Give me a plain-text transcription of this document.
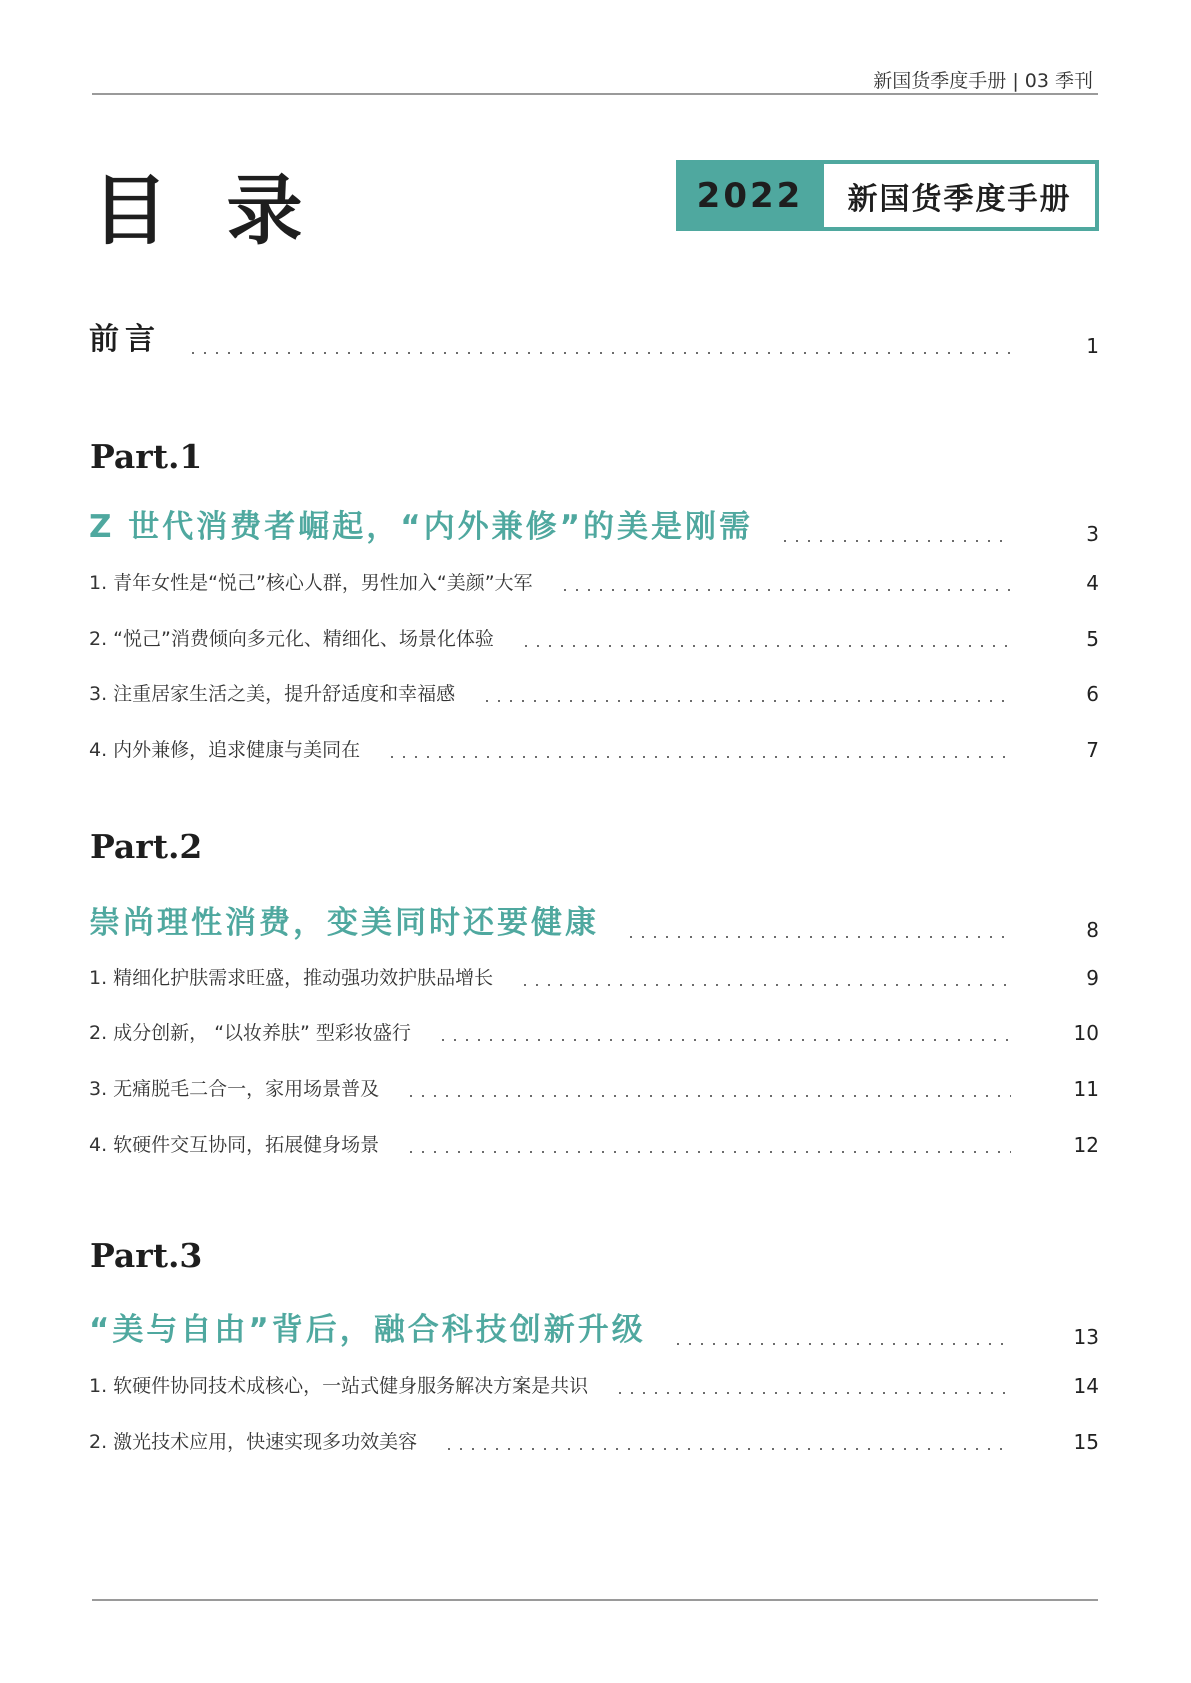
新国货季度手册 | 03 季刊
目 录	2022	新国货季度手册
前言	1
Part.1
Z 世代消费者崛起，“内外兼修”的美是刚需	3
1. 青年女性是“悦己”核心人群，男性加入“美颜”大军	4
2. “悦己”消费倾向多元化、精细化、场景化体验	5
3. 注重居家生活之美，提升舒适度和幸福感	6
4. 内外兼修，追求健康与美同在	7
Part.2
崇尚理性消费，变美同时还要健康	8
1. 精细化护肤需求旺盛，推动强功效护肤品增长	9
2. 成分创新， “以妆养肤” 型彩妆盛行	10
3. 无痛脱毛二合一，家用场景普及	11
4. 软硬件交互协同，拓展健身场景	12
Part.3
“美与自由”背后，融合科技创新升级	13
1. 软硬件协同技术成核心，一站式健身服务解决方案是共识	14
2. 激光技术应用，快速实现多功效美容	15
